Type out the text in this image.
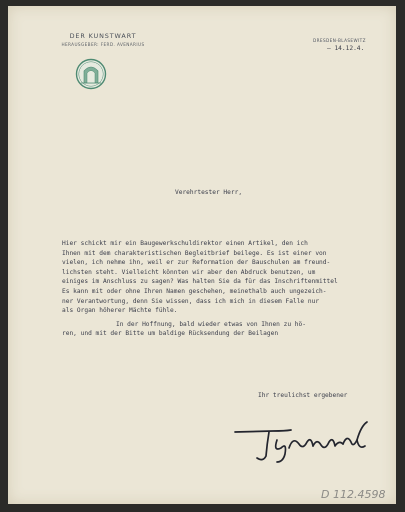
DER KUNSTWART
HERAUSGEBER: FERD. AVENARIUS
DRESDEN-BLASEWITZ
– 14.12.4.
Verehrtester Herr,
Hier schickt mir ein Baugewerkschuldirektor einen Artikel, den ich
Ihnen mit dem charakteristischen Begleitbrief beilege. Es ist einer von
vielen, ich nehme ihn, weil er zur Reformation der Bauschulen am freund-
lichsten steht. Vielleicht könnten wir aber den Abdruck benutzen, um
einiges im Anschluss zu sagen? Was halten Sie da für das Inschriftenmittel
Es kann mit oder ohne Ihren Namen geschehen, meinethalb auch ungezeich-
ner Verantwortung, denn Sie wissen, dass ich mich in diesem Falle nur
als Organ höherer Mächte fühle.
In der Hoffnung, bald wieder etwas von Ihnen zu hö-
ren, und mit der Bitte um baldige Rücksendung der Beilagen
Ihr treulichst ergebener
D 112.4598
